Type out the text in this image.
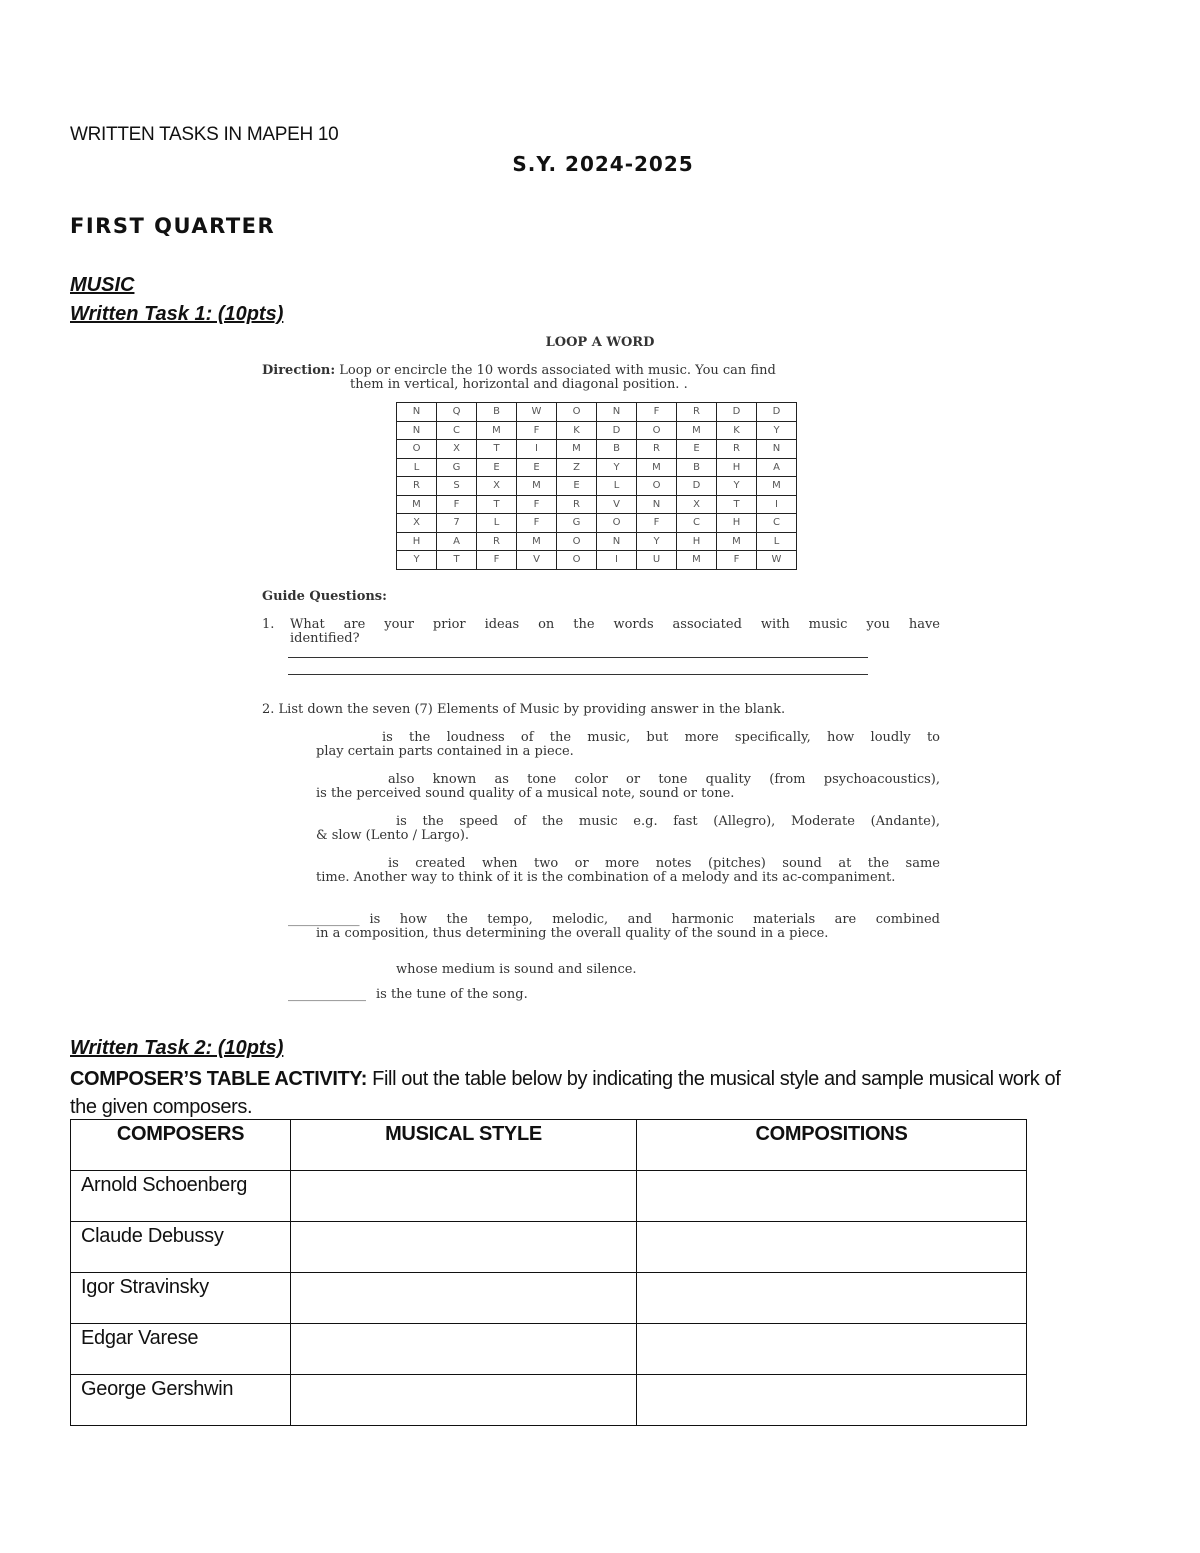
WRITTEN TASKS IN MAPEH 10
S.Y. 2024-2025
FIRST QUARTER
MUSIC
Written Task 1: (10pts)
LOOP A WORD
Direction: Loop or encircle the 10 words associated with music. You can find
them in vertical, horizontal and diagonal position. .
N	Q	B	W	O	N	F	R	D	D
N	C	M	F	K	D	O	M	K	Y
O	X	T	I	M	B	R	E	R	N
L	G	E	E	Z	Y	M	B	H	A
R	S	X	M	E	L	O	D	Y	M
M	F	T	F	R	V	N	X	T	I
X	7	L	F	G	O	F	C	H	C
H	A	R	M	O	N	Y	H	M	L
Y	T	F	V	O	I	U	M	F	W
Guide Questions:
1.	What are your prior ideas on the words associated with music you have
identified?
2. List down the seven (7) Elements of Music by providing answer in the blank.
is the loudness of the music, but more specifically, how loudly to
play certain parts contained in a piece.
also known as tone color or tone quality (from psychoacoustics),
is the perceived sound quality of a musical note, sound or tone.
is the speed of the music e.g. fast (Allegro), Moderate (Andante),
& slow (Lento / Largo).
is created when two or more notes (pitches) sound at the same
time. Another way to think of it is the combination of a melody and its ac-companiment.
___________ is how the tempo, melodic, and harmonic materials are combined
in a composition, thus determining the overall quality of the sound in a piece.
whose medium is sound and silence.
____________ is the tune of the song.
Written Task 2: (10pts)
COMPOSER’S TABLE ACTIVITY: Fill out the table below by indicating the musical style and sample musical work of the given composers.
COMPOSERS	MUSICAL STYLE	COMPOSITIONS
Arnold Schoenberg		
Claude Debussy		
Igor Stravinsky		
Edgar Varese		
George Gershwin		
